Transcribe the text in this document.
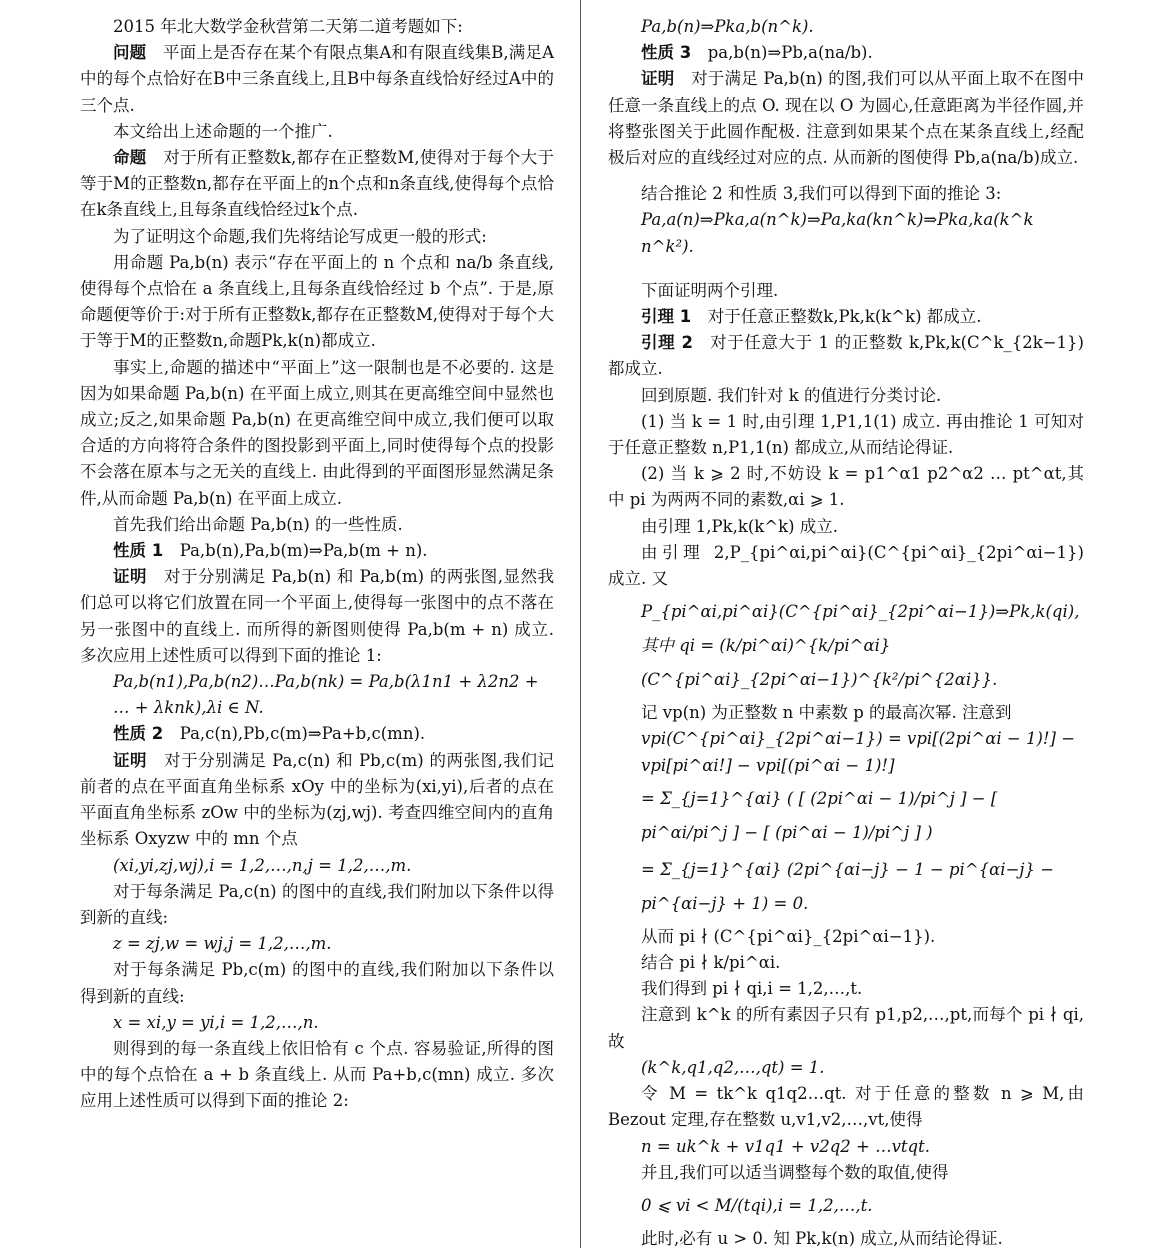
2015 年北大数学金秋营第二天第二道考题如下:

问题  平面上是否存在某个有限点集A和有限直线集B,满足A中的每个点恰好在B中三条直线上,且B中每条直线恰好经过A中的三个点.

本文给出上述命题的一个推广.

命题  对于所有正整数k,都存在正整数M,使得对于每个大于等于M的正整数n,都存在平面上的n个点和n条直线,使得每个点恰在k条直线上,且每条直线恰经过k个点.

为了证明这个命题,我们先将结论写成更一般的形式:

用命题 Pa,b(n) 表示“存在平面上的 n 个点和 na/b 条直线,使得每个点恰在 a 条直线上,且每条直线恰经过 b 个点”. 于是,原命题便等价于:对于所有正整数k,都存在正整数M,使得对于每个大于等于M的正整数n,命题Pk,k(n)都成立.

事实上,命题的描述中“平面上”这一限制也是不必要的. 这是因为如果命题 Pa,b(n) 在平面上成立,则其在更高维空间中显然也成立;反之,如果命题 Pa,b(n) 在更高维空间中成立,我们便可以取合适的方向将符合条件的图投影到平面上,同时使得每个点的投影不会落在原本与之无关的直线上. 由此得到的平面图形显然满足条件,从而命题 Pa,b(n) 在平面上成立.

首先我们给出命题 Pa,b(n) 的一些性质.

性质 1  Pa,b(n),Pa,b(m)⇒Pa,b(m + n).

证明  对于分别满足 Pa,b(n) 和 Pa,b(m) 的两张图,显然我们总可以将它们放置在同一个平面上,使得每一张图中的点不落在另一张图中的直线上. 而所得的新图则使得 Pa,b(m + n) 成立. 多次应用上述性质可以得到下面的推论 1:

Pa,b(n1),Pa,b(n2)…Pa,b(nk) = Pa,b(λ1n1 + λ2n2 + … + λknk),λi ∈ N.

性质 2  Pa,c(n),Pb,c(m)⇒Pa+b,c(mn).

证明  对于分别满足 Pa,c(n) 和 Pb,c(m) 的两张图,我们记前者的点在平面直角坐标系 xOy 中的坐标为(xi,yi),后者的点在平面直角坐标系 zOw 中的坐标为(zj,wj). 考查四维空间内的直角坐标系 Oxyzw 中的 mn 个点

(xi,yi,zj,wj),i = 1,2,…,n,j = 1,2,…,m.

对于每条满足 Pa,c(n) 的图中的直线,我们附加以下条件以得到新的直线:

z = zj,w = wj,j = 1,2,…,m.

对于每条满足 Pb,c(m) 的图中的直线,我们附加以下条件以得到新的直线:

x = xi,y = yi,i = 1,2,…,n.

则得到的每一条直线上依旧恰有 c 个点. 容易验证,所得的图中的每个点恰在 a + b 条直线上. 从而 Pa+b,c(mn) 成立. 多次应用上述性质可以得到下面的推论 2:

Pa,b(n)⇒Pka,b(n^k).

性质 3  pa,b(n)⇒Pb,a(na/b).

证明  对于满足 Pa,b(n) 的图,我们可以从平面上取不在图中任意一条直线上的点 O. 现在以 O 为圆心,任意距离为半径作圆,并将整张图关于此圆作配极. 注意到如果某个点在某条直线上,经配极后对应的直线经过对应的点. 从而新的图使得 Pb,a(na/b)成立.

结合推论 2 和性质 3,我们可以得到下面的推论 3:

Pa,a(n)⇒Pka,a(n^k)⇒Pa,ka(kn^k)⇒Pka,ka(k^k n^k²).

下面证明两个引理.

引理 1  对于任意正整数k,Pk,k(k^k) 都成立.

引理 2  对于任意大于 1 的正整数 k,Pk,k(C^k_{2k−1}) 都成立.

回到原题. 我们针对 k 的值进行分类讨论.

(1) 当 k = 1 时,由引理 1,P1,1(1) 成立. 再由推论 1 可知对于任意正整数 n,P1,1(n) 都成立,从而结论得证.

(2) 当 k ⩾ 2 时,不妨设 k = p1^α1 p2^α2 … pt^αt,其中 pi 为两两不同的素数,αi ⩾ 1.

由引理 1,Pk,k(k^k) 成立.

由引理 2,P_{pi^αi,pi^αi}(C^{pi^αi}_{2pi^αi−1}) 成立. 又

P_{pi^αi,pi^αi}(C^{pi^αi}_{2pi^αi−1})⇒Pk,k(qi),其中 qi = (k/pi^αi)^{k/pi^αi}(C^{pi^αi}_{2pi^αi−1})^{k²/pi^{2αi}}.

记 vp(n) 为正整数 n 中素数 p 的最高次幂. 注意到

vpi(C^{pi^αi}_{2pi^αi−1}) = vpi[(2pi^αi − 1)!] − vpi[pi^αi!] − vpi[(pi^αi − 1)!]

= Σ_{j=1}^{αi} ( [ (2pi^αi − 1)/pi^j ] − [ pi^αi/pi^j ] − [ (pi^αi − 1)/pi^j ] )

= Σ_{j=1}^{αi} (2pi^{αi−j} − 1 − pi^{αi−j} − pi^{αi−j} + 1) = 0.

从而 pi ∤ (C^{pi^αi}_{2pi^αi−1}).

结合 pi ∤ k/pi^αi.

我们得到 pi ∤ qi,i = 1,2,…,t.

注意到 k^k 的所有素因子只有 p1,p2,…,pt,而每个 pi ∤ qi,故

(k^k,q1,q2,…,qt) = 1.

令 M = tk^k q1q2…qt. 对于任意的整数 n ⩾ M,由 Bezout 定理,存在整数 u,v1,v2,…,vt,使得

n = uk^k + v1q1 + v2q2 + …vtqt.

并且,我们可以适当调整每个数的取值,使得

0 ⩽ vi < M/(tqi),i = 1,2,…,t.

此时,必有 u > 0. 知 Pk,k(n) 成立,从而结论得证.
